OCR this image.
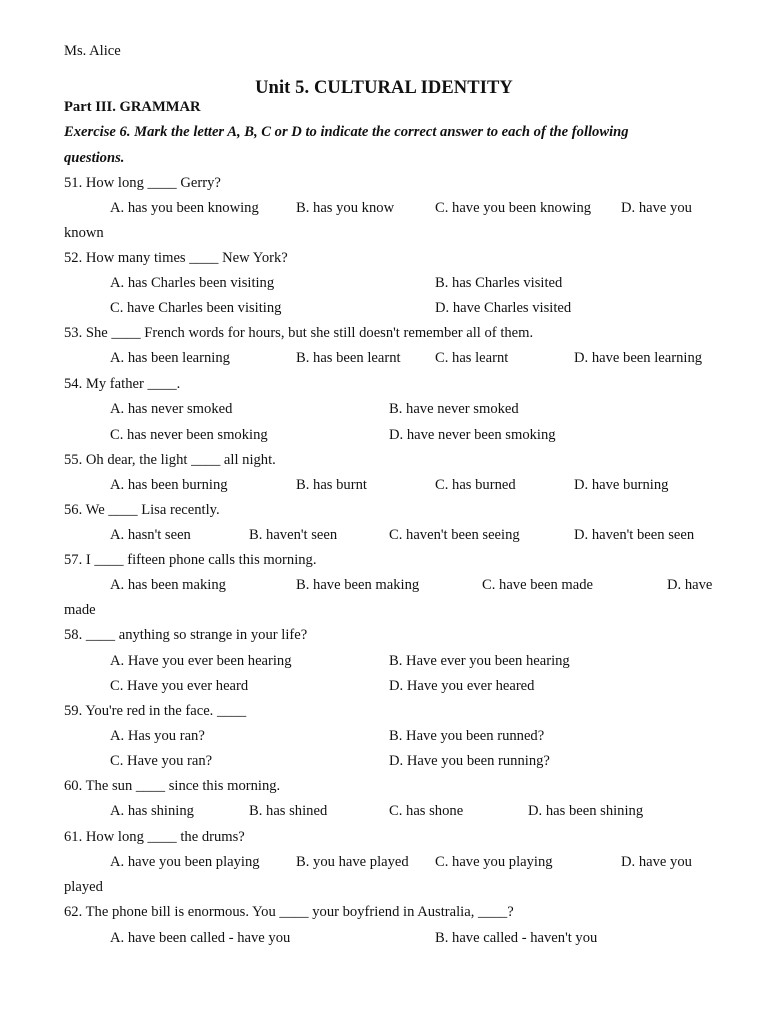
Ms. Alice
Unit 5. CULTURAL IDENTITY
Part III. GRAMMAR
Exercise 6. Mark the letter A, B, C or D to indicate the correct answer to each of the following
questions.
51. How long ____ Gerry?
A. has you been knowing	B. has you know	C. have you been knowing D. have you
known
52. How many times ____ New York?
A. has Charles been visiting	B. has Charles visited
C. have Charles been visiting	D. have Charles visited
53. She ____ French words for hours, but she still doesn't remember all of them.
A. has been learning	B. has been learnt C. has learnt	D. have been learning
54. My father ____.
A. has never smoked	B. have never smoked
C. has never been smoking	D. have never been smoking
55. Oh dear, the light ____ all night.
A. has been burning	B. has burnt	C. has burned	D. have burning
56. We ____ Lisa recently.
A. hasn't seen	B. haven't seen	C. haven't been seeing	D. haven't been seen
57. I ____ fifteen phone calls this morning.
A. has been making	B. have been making	C. have been made	D. have
made
58. ____ anything so strange in your life?
A. Have you ever been hearing	B. Have ever you been hearing
C. Have you ever heard	D. Have you ever heared
59. You're red in the face. ____
A. Has you ran?	B. Have you been runned?
C. Have you ran?	D. Have you been running?
60. The sun ____ since this morning.
A. has shining	B. has shined	C. has shone	D. has been shining
61. How long ____ the drums?
A. have you been playing B. you have played C. have you playing	D. have you
played
62. The phone bill is enormous. You ____ your boyfriend in Australia, ____?
A. have been called - have you	B. have called - haven't you
